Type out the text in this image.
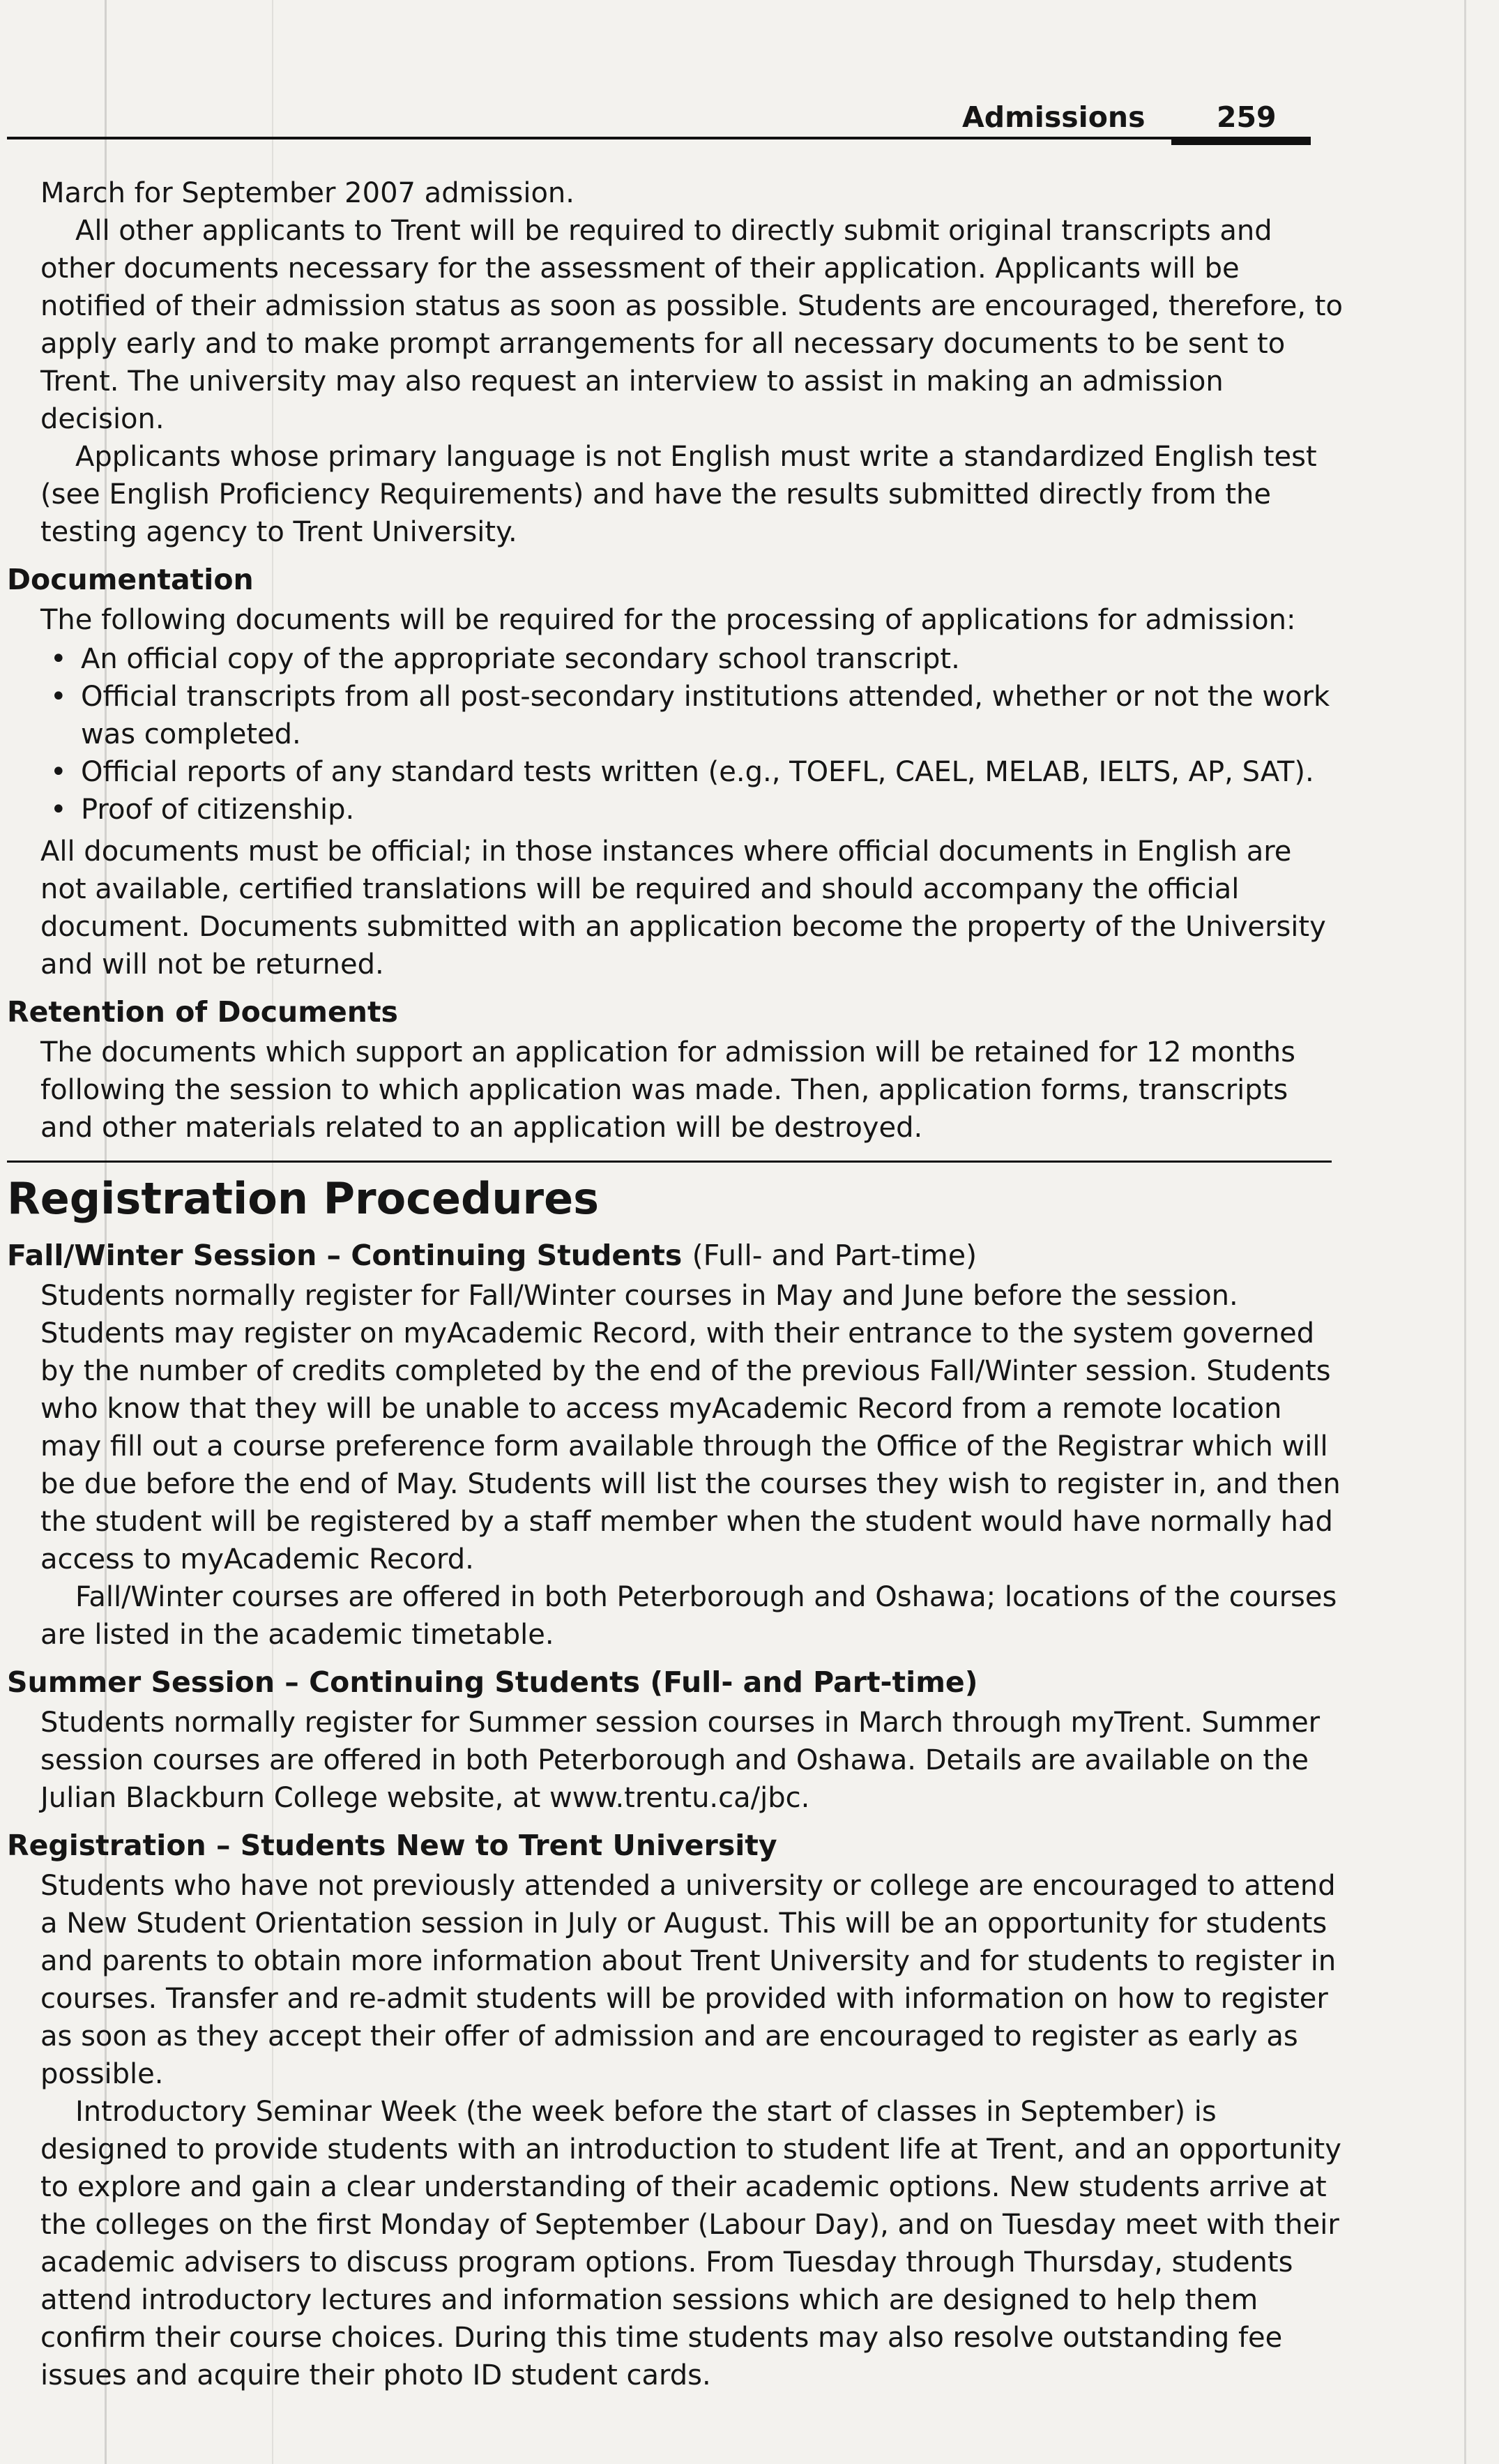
Admissions	259

March for September 2007 admission.

All other applicants to Trent will be required to directly submit original transcripts and other documents necessary for the assessment of their application. Applicants will be notified of their admission status as soon as possible. Students are encouraged, therefore, to apply early and to make prompt arrangements for all necessary documents to be sent to Trent. The university may also request an interview to assist in making an admission decision.

Applicants whose primary language is not English must write a standardized English test (see English Proficiency Requirements) and have the results submitted directly from the testing agency to Trent University.

Documentation

The following documents will be required for the processing of applications for admission:

• An official copy of the appropriate secondary school transcript.
• Official transcripts from all post-secondary institutions attended, whether or not the work was completed.
• Official reports of any standard tests written (e.g., TOEFL, CAEL, MELAB, IELTS, AP, SAT).
• Proof of citizenship.

All documents must be official; in those instances where official documents in English are not available, certified translations will be required and should accompany the official document. Documents submitted with an application become the property of the University and will not be returned.

Retention of Documents

The documents which support an application for admission will be retained for 12 months following the session to which application was made. Then, application forms, transcripts and other materials related to an application will be destroyed.

Registration Procedures
Fall/Winter Session – Continuing Students (Full- and Part-time)

Students normally register for Fall/Winter courses in May and June before the session. Students may register on myAcademic Record, with their entrance to the system governed by the number of credits completed by the end of the previous Fall/Winter session. Students who know that they will be unable to access myAcademic Record from a remote location may fill out a course preference form available through the Office of the Registrar which will be due before the end of May. Students will list the courses they wish to register in, and then the student will be registered by a staff member when the student would have normally had access to myAcademic Record.

Fall/Winter courses are offered in both Peterborough and Oshawa; locations of the courses are listed in the academic timetable.

Summer Session – Continuing Students (Full- and Part-time)

Students normally register for Summer session courses in March through myTrent. Summer session courses are offered in both Peterborough and Oshawa. Details are available on the Julian Blackburn College website, at www.trentu.ca/jbc.

Registration – Students New to Trent University

Students who have not previously attended a university or college are encouraged to attend a New Student Orientation session in July or August. This will be an opportunity for students and parents to obtain more information about Trent University and for students to register in courses. Transfer and re-admit students will be provided with information on how to register as soon as they accept their offer of admission and are encouraged to register as early as possible.

Introductory Seminar Week (the week before the start of classes in September) is designed to provide students with an introduction to student life at Trent, and an opportunity to explore and gain a clear understanding of their academic options. New students arrive at the colleges on the first Monday of September (Labour Day), and on Tuesday meet with their academic advisers to discuss program options. From Tuesday through Thursday, students attend introductory lectures and information sessions which are designed to help them confirm their course choices. During this time students may also resolve outstanding fee issues and acquire their photo ID student cards.
